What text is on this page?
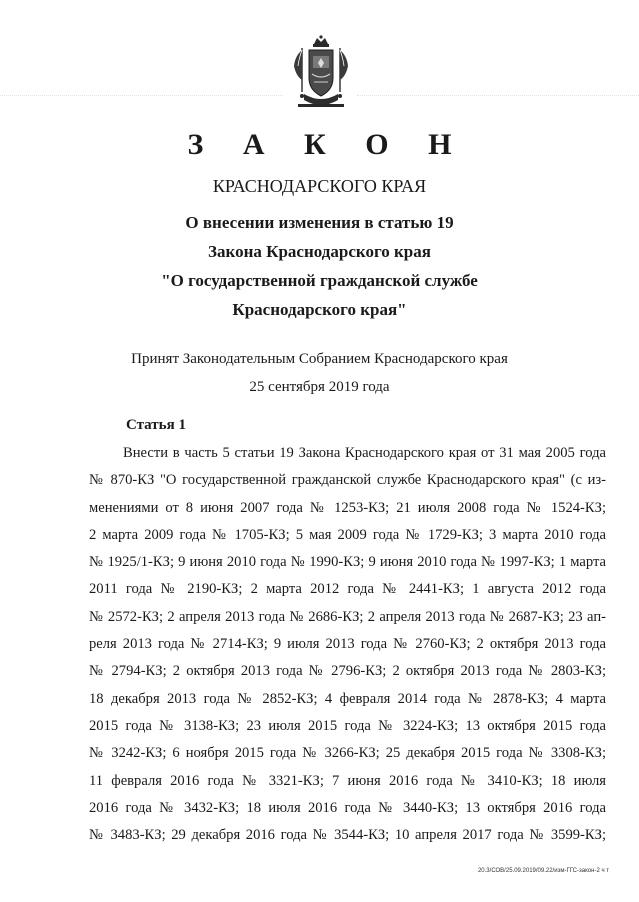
З А К О Н
КРАСНОДАРСКОГО КРАЯ
О внесении изменения в статью 19
Закона Краснодарского края
"О государственной гражданской службе
Краснодарского края"
Принят Законодательным Собранием Краснодарского края
25 сентября 2019 года
Статья 1
Внести в часть 5 статьи 19 Закона Краснодарского края от 31 мая 2005 года
№ 870-КЗ "О государственной гражданской службе Краснодарского края" (с из-
менениями от 8 июня 2007 года № 1253-КЗ; 21 июля 2008 года № 1524-КЗ;
2 марта 2009 года № 1705-КЗ; 5 мая 2009 года № 1729-КЗ; 3 марта 2010 года
№ 1925/1-КЗ; 9 июня 2010 года № 1990-КЗ; 9 июня 2010 года № 1997-КЗ; 1 марта
2011 года № 2190-КЗ; 2 марта 2012 года № 2441-КЗ; 1 августа 2012 года
№ 2572-КЗ; 2 апреля 2013 года № 2686-КЗ; 2 апреля 2013 года № 2687-КЗ; 23 ап-
реля 2013 года № 2714-КЗ; 9 июля 2013 года № 2760-КЗ; 2 октября 2013 года
№ 2794-КЗ; 2 октября 2013 года № 2796-КЗ; 2 октября 2013 года № 2803-КЗ;
18 декабря 2013 года № 2852-КЗ; 4 февраля 2014 года № 2878-КЗ; 4 марта
2015 года № 3138-КЗ; 23 июля 2015 года № 3224-КЗ; 13 октября 2015 года
№ 3242-КЗ; 6 ноября 2015 года № 3266-КЗ; 25 декабря 2015 года № 3308-КЗ;
11 февраля 2016 года № 3321-КЗ; 7 июня 2016 года № 3410-КЗ; 18 июля
2016 года № 3432-КЗ; 18 июля 2016 года № 3440-КЗ; 13 октября 2016 года
№ 3483-КЗ; 29 декабря 2016 года № 3544-КЗ; 10 апреля 2017 года № 3599-КЗ;
20.3/СОВ/25.09.2019/09.22/изм-ГГС-закон-2 ч т
